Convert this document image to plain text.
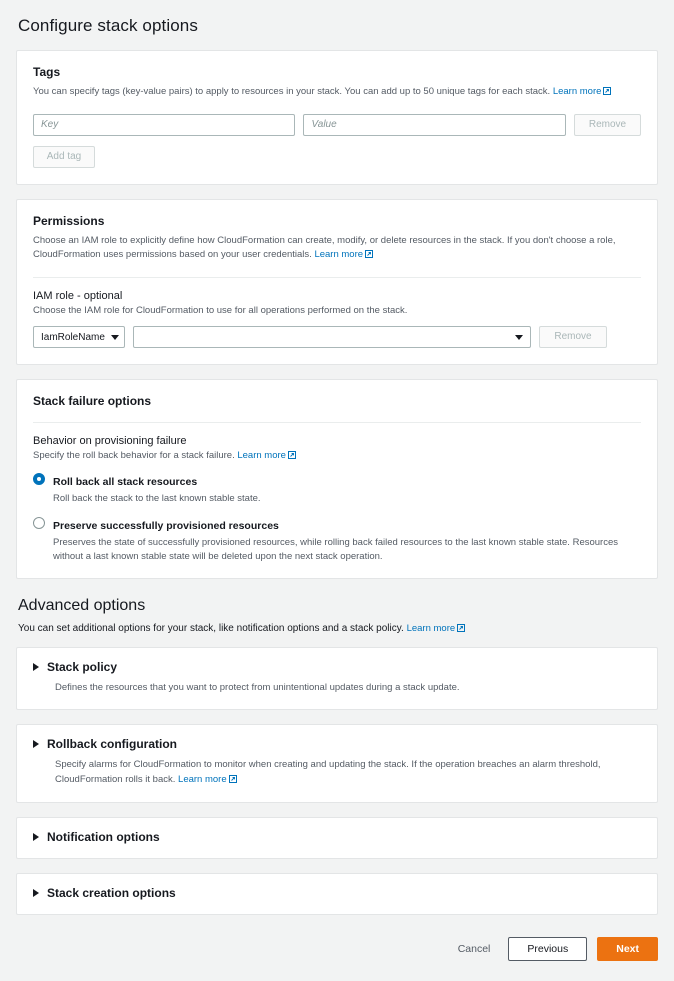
Configure stack options
Tags
You can specify tags (key-value pairs) to apply to resources in your stack. You can add up to 50 unique tags for each stack. Learn more
Key
Value
Remove
Add tag
Permissions
Choose an IAM role to explicitly define how CloudFormation can create, modify, or delete resources in the stack. If you don't choose a role, CloudFormation uses permissions based on your user credentials. Learn more
IAM role - optional
Choose the IAM role for CloudFormation to use for all operations performed on the stack.
IamRoleName	Remove
Stack failure options
Behavior on provisioning failure
Specify the roll back behavior for a stack failure. Learn more
Roll back all stack resources
Roll back the stack to the last known stable state.
Preserve successfully provisioned resources
Preserves the state of successfully provisioned resources, while rolling back failed resources to the last known stable state. Resources without a last known stable state will be deleted upon the next stack operation.
Advanced options
You can set additional options for your stack, like notification options and a stack policy. Learn more
Stack policy
Defines the resources that you want to protect from unintentional updates during a stack update.
Rollback configuration
Specify alarms for CloudFormation to monitor when creating and updating the stack. If the operation breaches an alarm threshold, CloudFormation rolls it back. Learn more
Notification options
Stack creation options
Cancel	Previous	Next
